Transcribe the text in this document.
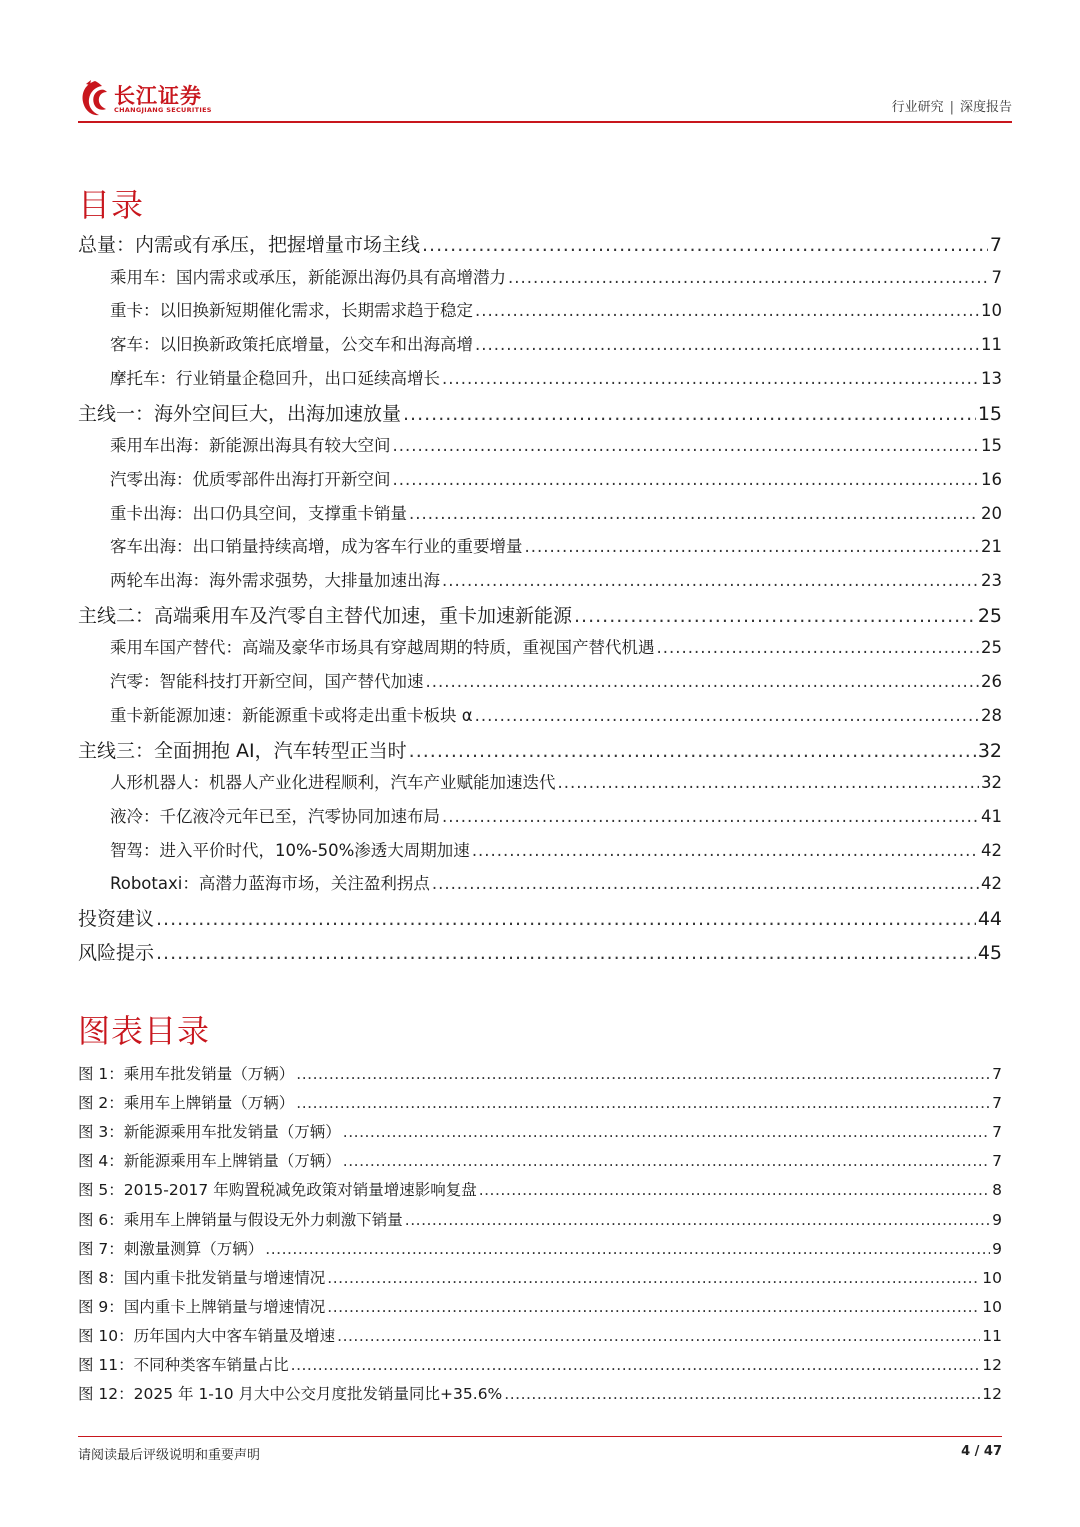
长江证券
CHANGJIANG SECURITIES	行业研究 | 深度报告
目录
总量：内需或有承压，把握增量市场主线 .....	7
乘用车：国内需求或承压，新能源出海仍具有高增潜力 .....	7
重卡：以旧换新短期催化需求，长期需求趋于稳定 .....	10
客车：以旧换新政策托底增量，公交车和出海高增 .....	11
摩托车：行业销量企稳回升，出口延续高增长 .....	13
主线一：海外空间巨大，出海加速放量 .....	15
乘用车出海：新能源出海具有较大空间 .....	15
汽零出海：优质零部件出海打开新空间 .....	16
重卡出海：出口仍具空间，支撑重卡销量 .....	20
客车出海：出口销量持续高增，成为客车行业的重要增量 .....	21
两轮车出海：海外需求强势，大排量加速出海 .....	23
主线二：高端乘用车及汽零自主替代加速，重卡加速新能源 .....	25
乘用车国产替代：高端及豪华市场具有穿越周期的特质，重视国产替代机遇 .....	25
汽零：智能科技打开新空间，国产替代加速 .....	26
重卡新能源加速：新能源重卡或将走出重卡板块 α .....	28
主线三：全面拥抱 AI，汽车转型正当时 .....	32
人形机器人：机器人产业化进程顺利，汽车产业赋能加速迭代 .....	32
液冷：千亿液冷元年已至，汽零协同加速布局 .....	41
智驾：进入平价时代，10%-50%渗透大周期加速 .....	42
Robotaxi：高潜力蓝海市场，关注盈利拐点 .....	42
投资建议 .....	44
风险提示 .....	45
图表目录
图 1：乘用车批发销量（万辆） .....	7
图 2：乘用车上牌销量（万辆） .....	7
图 3：新能源乘用车批发销量（万辆） .....	7
图 4：新能源乘用车上牌销量（万辆） .....	7
图 5：2015-2017 年购置税减免政策对销量增速影响复盘 .....	8
图 6：乘用车上牌销量与假设无外力刺激下销量 .....	9
图 7：刺激量测算（万辆） .....	9
图 8：国内重卡批发销量与增速情况 .....	10
图 9：国内重卡上牌销量与增速情况 .....	10
图 10：历年国内大中客车销量及增速 .....	11
图 11：不同种类客车销量占比 .....	12
图 12：2025 年 1-10 月大中公交月度批发销量同比+35.6% .....	12
请阅读最后评级说明和重要声明	4 / 47
